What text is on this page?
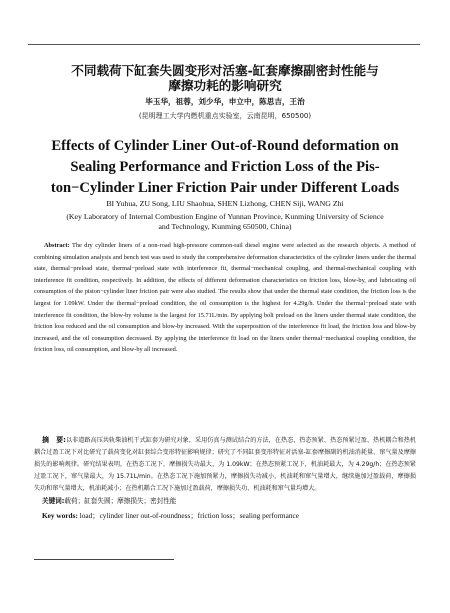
不同载荷下缸套失圆变形对活塞-缸套摩擦副密封性能与
摩擦功耗的影响研究

毕玉华，祖蓉，刘少华，申立中，陈思吉，王治

(昆明理工大学内燃机重点实验室，云南昆明，650500)

Effects of Cylinder Liner Out-of-Round deformation on
Sealing Performance and Friction Loss of the Pis-
ton−Cylinder Liner Friction Pair under Different Loads

BI Yuhua, ZU Song, LIU Shaohua, SHEN Lizhong, CHEN Siji, WANG Zhi

(Key Laboratory of Internal Combustion Engine of Yunnan Province, Kunming University of Science and Technology, Kunming 650500, China)

Abstract: The dry cylinder liners of a non-road high-pressure common-rail diesel engine were selected as the research objects. A method of combining simulation analysis and bench test was used to study the comprehensive deformation characteristics of the cylinder liners under the thermal state, thermal−preload state, thermal−preload state with interference fit, thermal−mechanical coupling, and thermal-mechanical coupling with interference fit condition, respectively. In addition, the effects of different deformation characteristics on friction loss, blow-by, and lubricating oil consumption of the piston−cylinder liner friction pair were also studied. The results show that under the thermal state condition, the friction loss is the largest for 1.09kW. Under the thermal−preload condition, the oil consumption is the highest for 4.29g/h. Under the thermal−preload state with interference fit condition, the blow-by volume is the largest for 15.71L/min. By applying bolt preload on the liners under thermal state condition, the friction loss reduced and the oil consumption and blow-by increased. With the superposition of the interference fit load, the friction loss and blow-by increased, and the oil consumption decreased. By applying the interference fit load on the liners under thermal−mechanical coupling condition, the friction loss, oil consumption, and blow-by all increased.

摘　要:以非道路高压共轨柴油机干式缸套为研究对象，采用仿真与测试结合的方法，在热态、热态预紧、热态预紧过盈、热机耦合和热机耦合过盈工况下对比研究了载荷变化对缸套综合变形特征影响规律；研究了不同缸套变形特征对活塞-缸套摩擦副的机油消耗量、窜气量及摩擦损失的影响规律。研究结果表明，在热态工况下，摩擦损失功最大，为 1.09kW；在热态预紧工况下，机油耗最大，为 4.29g/h；在热态预紧过盈工况下，窜气量最大，为 15.71L/min。在热态工况下施加预紧力，摩擦损失功减小，机油耗和窜气量增大，继续施加过盈载荷，摩擦损失功和窜气量增大，机油耗减小；在热机耦合工况下施加过盈载荷，摩擦损失功、机油耗和窜气量均增大。

关键词:载荷；缸套失圆；摩擦损失；密封性能

Key words: load；cylinder liner out-of-roundness；friction loss；sealing performance
